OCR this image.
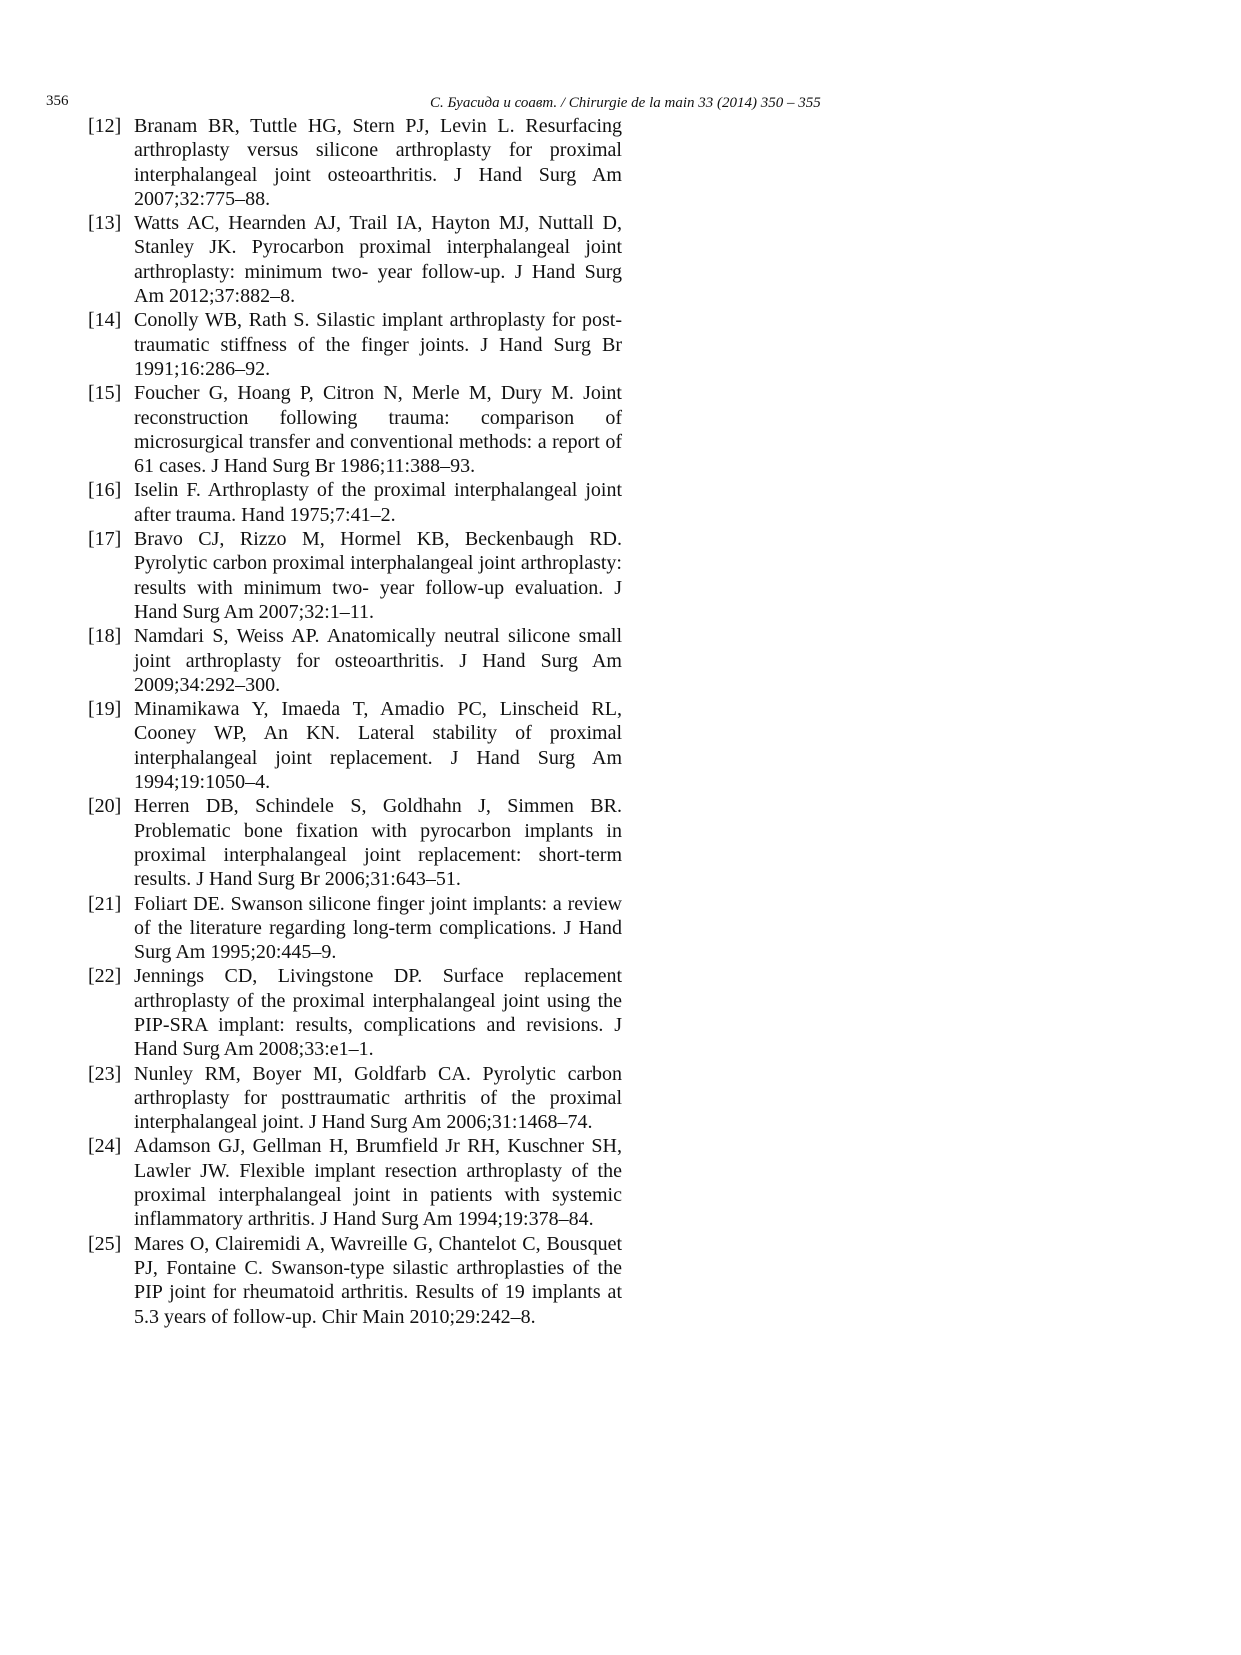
356	С. Буасида и соавт. / Chirurgie de la main 33 (2014) 350 – 355
[12] Branam BR, Tuttle HG, Stern PJ, Levin L. Resurfacing arthroplasty versus silicone arthroplasty for proximal interphalangeal joint osteoarthritis. J Hand Surg Am 2007;32:775–88.
[13] Watts AC, Hearnden AJ, Trail IA, Hayton MJ, Nuttall D, Stanley JK. Pyrocarbon proximal interphalangeal joint arthroplasty: minimum two- year follow-up. J Hand Surg Am 2012;37:882–8.
[14] Conolly WB, Rath S. Silastic implant arthroplasty for post-traumatic stiffness of the finger joints. J Hand Surg Br 1991;16:286–92.
[15] Foucher G, Hoang P, Citron N, Merle M, Dury M. Joint reconstruction following trauma: comparison of microsurgical transfer and conventional methods: a report of 61 cases. J Hand Surg Br 1986;11:388–93.
[16] Iselin F. Arthroplasty of the proximal interphalangeal joint after trauma. Hand 1975;7:41–2.
[17] Bravo CJ, Rizzo M, Hormel KB, Beckenbaugh RD. Pyrolytic carbon proximal interphalangeal joint arthroplasty: results with minimum two- year follow-up evaluation. J Hand Surg Am 2007;32:1–11.
[18] Namdari S, Weiss AP. Anatomically neutral silicone small joint arthroplasty for osteoarthritis. J Hand Surg Am 2009;34:292–300.
[19] Minamikawa Y, Imaeda T, Amadio PC, Linscheid RL, Cooney WP, An KN. Lateral stability of proximal interphalangeal joint replacement. J Hand Surg Am 1994;19:1050–4.
[20] Herren DB, Schindele S, Goldhahn J, Simmen BR. Problematic bone fixation with pyrocarbon implants in proximal interphalangeal joint replacement: short-term results. J Hand Surg Br 2006;31:643–51.
[21] Foliart DE. Swanson silicone finger joint implants: a review of the literature regarding long-term complications. J Hand Surg Am 1995;20:445–9.
[22] Jennings CD, Livingstone DP. Surface replacement arthroplasty of the proximal interphalangeal joint using the PIP-SRA implant: results, complications and revisions. J Hand Surg Am 2008;33:e1–1.
[23] Nunley RM, Boyer MI, Goldfarb CA. Pyrolytic carbon arthroplasty for posttraumatic arthritis of the proximal interphalangeal joint. J Hand Surg Am 2006;31:1468–74.
[24] Adamson GJ, Gellman H, Brumfield Jr RH, Kuschner SH, Lawler JW. Flexible implant resection arthroplasty of the proximal interphalangeal joint in patients with systemic inflammatory arthritis. J Hand Surg Am 1994;19:378–84.
[25] Mares O, Clairemidi A, Wavreille G, Chantelot C, Bousquet PJ, Fontaine C. Swanson-type silastic arthroplasties of the PIP joint for rheumatoid arthritis. Results of 19 implants at 5.3 years of follow-up. Chir Main 2010;29:242–8.
